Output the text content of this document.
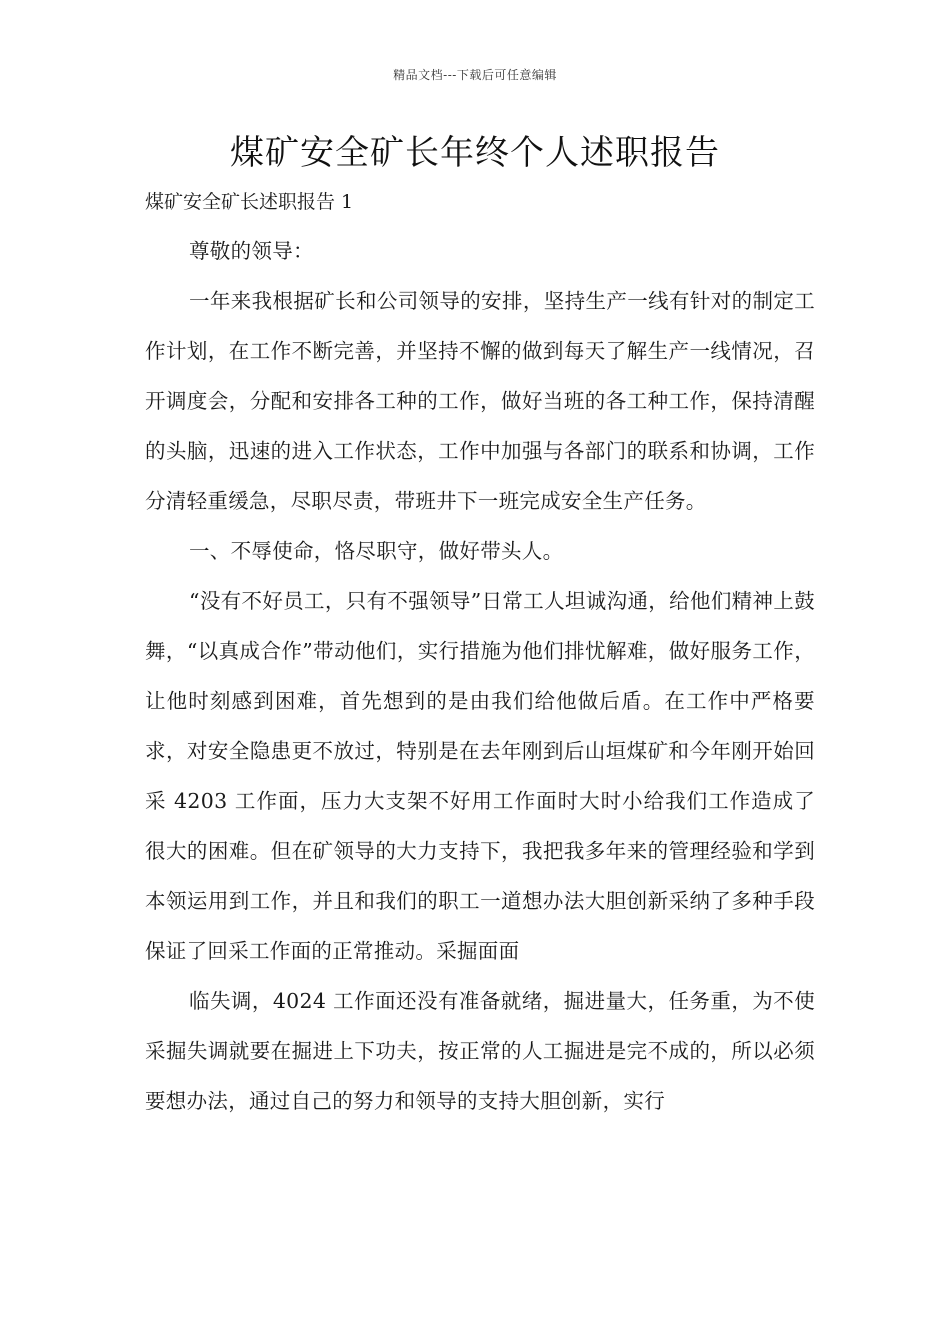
精品文档---下载后可任意编辑
煤矿安全矿长年终个人述职报告

煤矿安全矿长述职报告 1

尊敬的领导：

一年来我根据矿长和公司领导的安排，坚持生产一线有针对的制定工作计划，在工作不断完善，并坚持不懈的做到每天了解生产一线情况，召开调度会，分配和安排各工种的工作，做好当班的各工种工作，保持清醒的头脑，迅速的进入工作状态，工作中加强与各部门的联系和协调，工作分清轻重缓急，尽职尽责，带班井下一班完成安全生产任务。

一、不辱使命，恪尽职守，做好带头人。

“没有不好员工，只有不强领导”日常工人坦诚沟通，给他们精神上鼓舞，“以真成合作”带动他们，实行措施为他们排忧解难，做好服务工作，让他时刻感到困难，首先想到的是由我们给他做后盾。在工作中严格要求，对安全隐患更不放过，特别是在去年刚到后山垣煤矿和今年刚开始回采 4203 工作面，压力大支架不好用工作面时大时小给我们工作造成了很大的困难。但在矿领导的大力支持下，我把我多年来的管理经验和学到本领运用到工作，并且和我们的职工一道想办法大胆创新采纳了多种手段保证了回采工作面的正常推动。采掘面面

临失调，4024 工作面还没有准备就绪，掘进量大，任务重，为不使采掘失调就要在掘进上下功夫，按正常的人工掘进是完不成的，所以必须要想办法，通过自己的努力和领导的支持大胆创新，实行
